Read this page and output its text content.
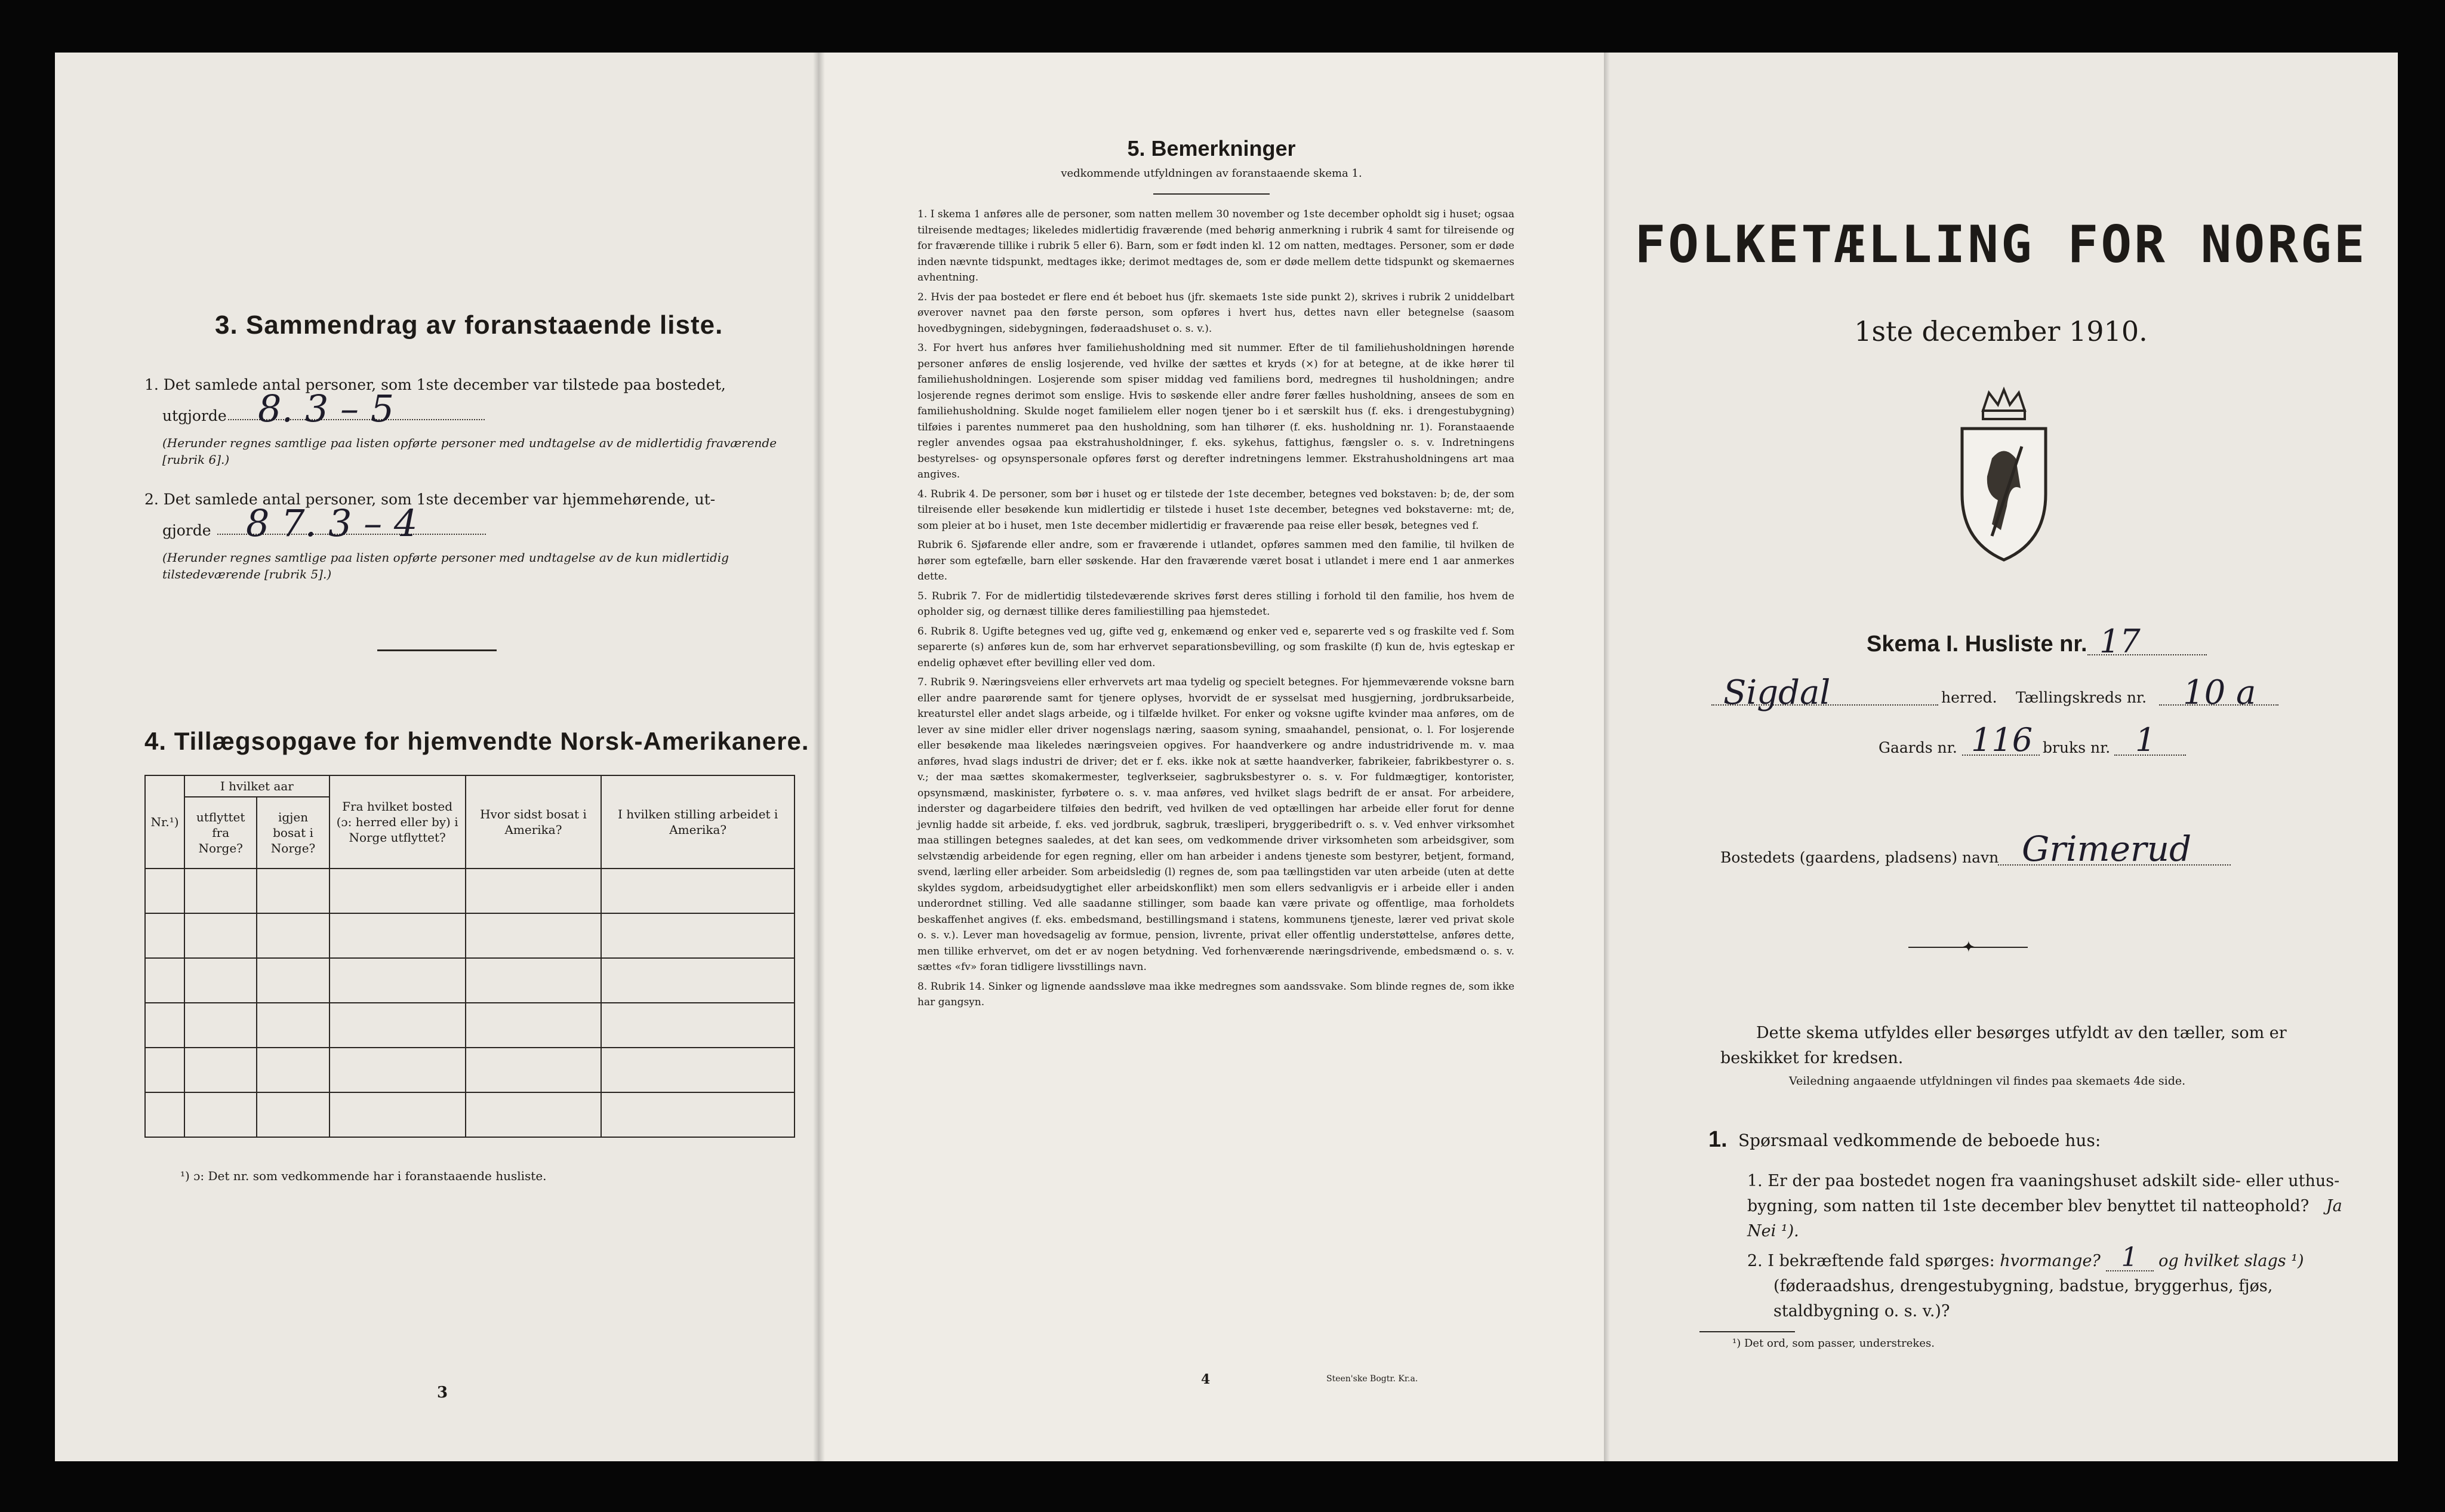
3. Sammendrag av foranstaaende liste.
1. Det samlede antal personer, som 1ste december var tilstede paa bostedet,
utgjorde 8. 3 – 5
(Herunder regnes samtlige paa listen opførte personer med undtagelse av de midlertidig fraværende [rubrik 6].)
2. Det samlede antal personer, som 1ste december var hjemmehørende, ut-
gjorde 8 7. 3 – 4
(Herunder regnes samtlige paa listen opførte personer med undtagelse av de kun midlertidig tilstedeværende [rubrik 5].)
4. Tillægsopgave for hjemvendte Norsk-Amerikanere.
Nr.¹)	I hvilket aar		Fra hvilket bosted (ɔ: herred eller by) i Norge utflyttet?	Hvor sidst bosat i Amerika?	I hvilken stilling arbeidet i Amerika?
	utflyttet fra Norge?	igjen bosat i Norge?			

¹) ɔ: Det nr. som vedkommende har i foranstaaende husliste.
3
5. Bemerkninger
vedkommende utfyldningen av foranstaaende skema 1.

1. I skema 1 anføres alle de personer, som natten mellem 30 november og 1ste december opholdt sig i huset; ogsaa tilreisende medtages; likeledes midlertidig fraværende (med behørig anmerkning i rubrik 4 samt for tilreisende og for fraværende tillike i rubrik 5 eller 6). Barn, som er født inden kl. 12 om natten, medtages. Personer, som er døde inden nævnte tidspunkt, medtages ikke; derimot medtages de, som er døde mellem dette tidspunkt og skemaernes avhentning.

2. Hvis der paa bostedet er flere end ét beboet hus (jfr. skemaets 1ste side punkt 2), skrives i rubrik 2 uniddelbart øverover navnet paa den første person, som opføres i hvert hus, dettes navn eller betegnelse (saasom hovedbygningen, sidebygningen, føderaadshuset o. s. v.).

3. For hvert hus anføres hver familiehusholdning med sit nummer. Efter de til familiehusholdningen hørende personer anføres de enslig losjerende, ved hvilke der sættes et kryds (×) for at betegne, at de ikke hører til familiehusholdningen. Losjerende som spiser middag ved familiens bord, medregnes til husholdningen; andre losjerende regnes derimot som enslige. Hvis to søskende eller andre fører fælles husholdning, ansees de som en familiehusholdning. Skulde noget familielem eller nogen tjener bo i et særskilt hus (f. eks. i drengestubygning) tilføies i parentes nummeret paa den husholdning, som han tilhører (f. eks. husholdning nr. 1). Foranstaaende regler anvendes ogsaa paa ekstrahusholdninger, f. eks. sykehus, fattighus, fængsler o. s. v. Indretningens bestyrelses- og opsynspersonale opføres først og derefter indretningens lemmer. Ekstrahusholdningens art maa angives.

4. Rubrik 4. De personer, som bør i huset og er tilstede der 1ste december, betegnes ved bokstaven: b; de, der som tilreisende eller besøkende kun midlertidig er tilstede i huset 1ste december, betegnes ved bokstaverne: mt; de, som pleier at bo i huset, men 1ste december midlertidig er fraværende paa reise eller besøk, betegnes ved f.

Rubrik 6. Sjøfarende eller andre, som er fraværende i utlandet, opføres sammen med den familie, til hvilken de hører som egtefælle, barn eller søskende. Har den fraværende været bosat i utlandet i mere end 1 aar anmerkes dette.

5. Rubrik 7. For de midlertidig tilstedeværende skrives først deres stilling i forhold til den familie, hos hvem de opholder sig, og dernæst tillike deres familiestilling paa hjemstedet.

6. Rubrik 8. Ugifte betegnes ved ug, gifte ved g, enkemænd og enker ved e, separerte ved s og fraskilte ved f. Som separerte (s) anføres kun de, som har erhvervet separationsbevilling, og som fraskilte (f) kun de, hvis egteskap er endelig ophævet efter bevilling eller ved dom.

7. Rubrik 9. Næringsveiens eller erhvervets art maa tydelig og specielt betegnes. For hjemmeværende voksne barn eller andre paarørende samt for tjenere oplyses, hvorvidt de er sysselsat med husgjerning, jordbruksarbeide, kreaturstel eller andet slags arbeide, og i tilfælde hvilket. For enker og voksne ugifte kvinder maa anføres, om de lever av sine midler eller driver nogenslags næring, saasom syning, smaahandel, pensionat, o. l. For losjerende eller besøkende maa likeledes næringsveien opgives. For haandverkere og andre industridrivende m. v. maa anføres, hvad slags industri de driver; det er f. eks. ikke nok at sætte haandverker, fabrikeier, fabrikbestyrer o. s. v.; der maa sættes skomakermester, teglverkseier, sagbruksbestyrer o. s. v. For fuldmægtiger, kontorister, opsynsmænd, maskinister, fyrbøtere o. s. v. maa anføres, ved hvilket slags bedrift de er ansat. For arbeidere, inderster og dagarbeidere tilføies den bedrift, ved hvilken de ved optællingen har arbeide eller forut for denne jevnlig hadde sit arbeide, f. eks. ved jordbruk, sagbruk, træsliperi, bryggeribedrift o. s. v. Ved enhver virksomhet maa stillingen betegnes saaledes, at det kan sees, om vedkommende driver virksomheten som arbeidsgiver, som selvstændig arbeidende for egen regning, eller om han arbeider i andens tjeneste som bestyrer, betjent, formand, svend, lærling eller arbeider. Som arbeidsledig (l) regnes de, som paa tællingstiden var uten arbeide (uten at dette skyldes sygdom, arbeidsudygtighet eller arbeidskonflikt) men som ellers sedvanligvis er i arbeide eller i anden underordnet stilling. Ved alle saadanne stillinger, som baade kan være private og offentlige, maa forholdets beskaffenhet angives (f. eks. embedsmand, bestillingsmand i statens, kommunens tjeneste, lærer ved privat skole o. s. v.). Lever man hovedsagelig av formue, pension, livrente, privat eller offentlig understøttelse, anføres dette, men tillike erhvervet, om det er av nogen betydning. Ved forhenværende næringsdrivende, embedsmænd o. s. v. sættes «fv» foran tidligere livsstillings navn.

8. Rubrik 14. Sinker og lignende aandssløve maa ikke medregnes som aandssvake. Som blinde regnes de, som ikke har gangsyn.

4	Steen'ske Bogtr. Kr.a.
FOLKETÆLLING FOR NORGE
1ste december 1910.
Skema I. Husliste nr. 17
Sigdal	herred. Tællingskreds nr. 10 a
Gaards nr. 116 bruks nr. 1
Bostedets (gaardens, pladsens) navn Grimerud
✦
Dette skema utfyldes eller besørges utfyldt av den tæller, som er beskikket for kredsen.
Veiledning angaaende utfyldningen vil findes paa skemaets 4de side.
1. Spørsmaal vedkommende de beboede hus:
1. Er der paa bostedet nogen fra vaaningshuset adskilt side- eller uthus-bygning, som natten til 1ste december blev benyttet til natteophold? Ja Nei ¹).
2. I bekræftende fald spørges: hvormange? 1 og hvilket slags ¹)
(føderaadshus, drengestubygning, badstue, bryggerhus, fjøs, staldbygning o. s. v.)?
¹) Det ord, som passer, understrekes.
